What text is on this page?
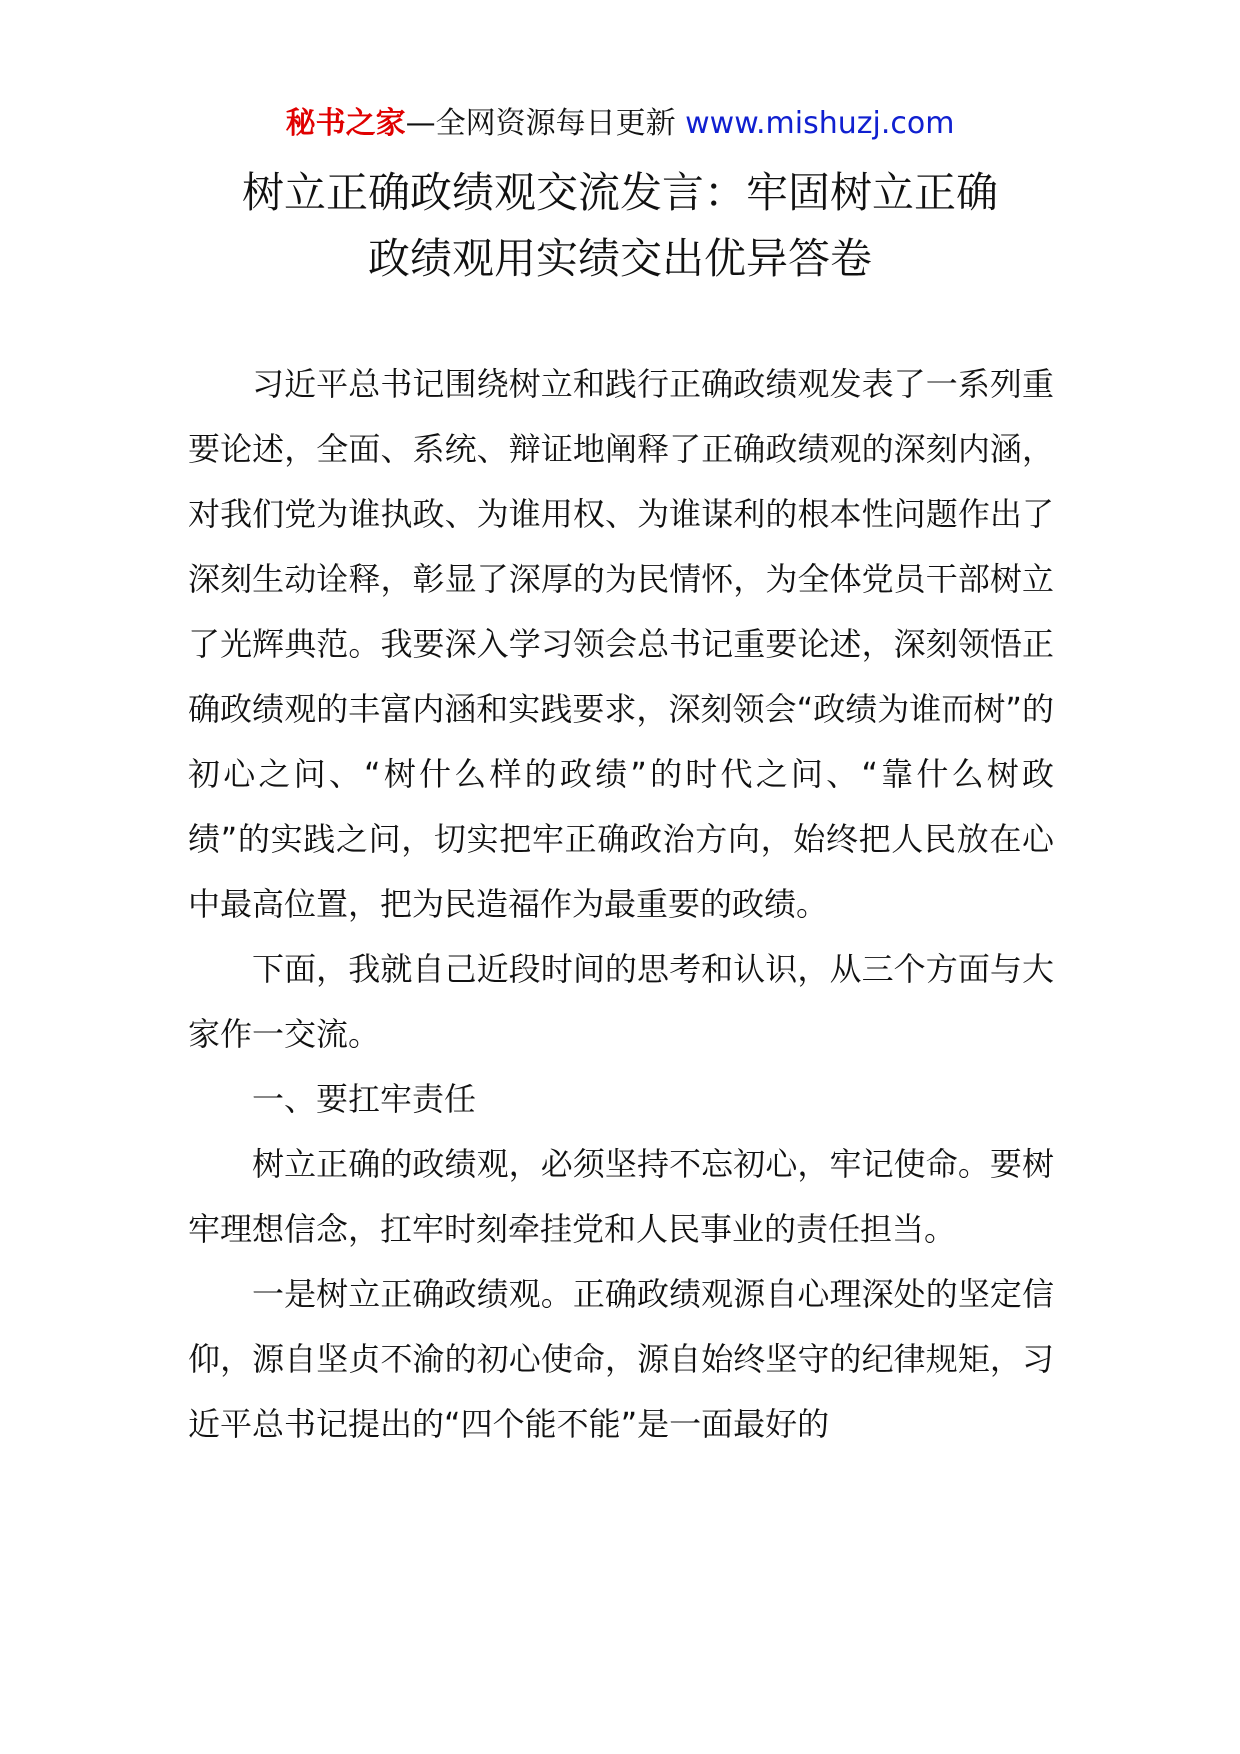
秘书之家—全网资源每日更新 www.mishuzj.com
树立正确政绩观交流发言：牢固树立正确
政绩观用实绩交出优异答卷

习近平总书记围绕树立和践行正确政绩观发表了一系列重要论述，全面、系统、辩证地阐释了正确政绩观的深刻内涵，对我们党为谁执政、为谁用权、为谁谋利的根本性问题作出了深刻生动诠释，彰显了深厚的为民情怀，为全体党员干部树立了光辉典范。我要深入学习领会总书记重要论述，深刻领悟正确政绩观的丰富内涵和实践要求，深刻领会“政绩为谁而树”的初心之问、“树什么样的政绩”的时代之问、“靠什么树政绩”的实践之问，切实把牢正确政治方向，始终把人民放在心中最高位置，把为民造福作为最重要的政绩。

下面，我就自己近段时间的思考和认识，从三个方面与大家作一交流。

一、要扛牢责任

树立正确的政绩观，必须坚持不忘初心，牢记使命。要树牢理想信念，扛牢时刻牵挂党和人民事业的责任担当。

一是树立正确政绩观。正确政绩观源自心理深处的坚定信仰，源自坚贞不渝的初心使命，源自始终坚守的纪律规矩，习近平总书记提出的“四个能不能”是一面最好的
